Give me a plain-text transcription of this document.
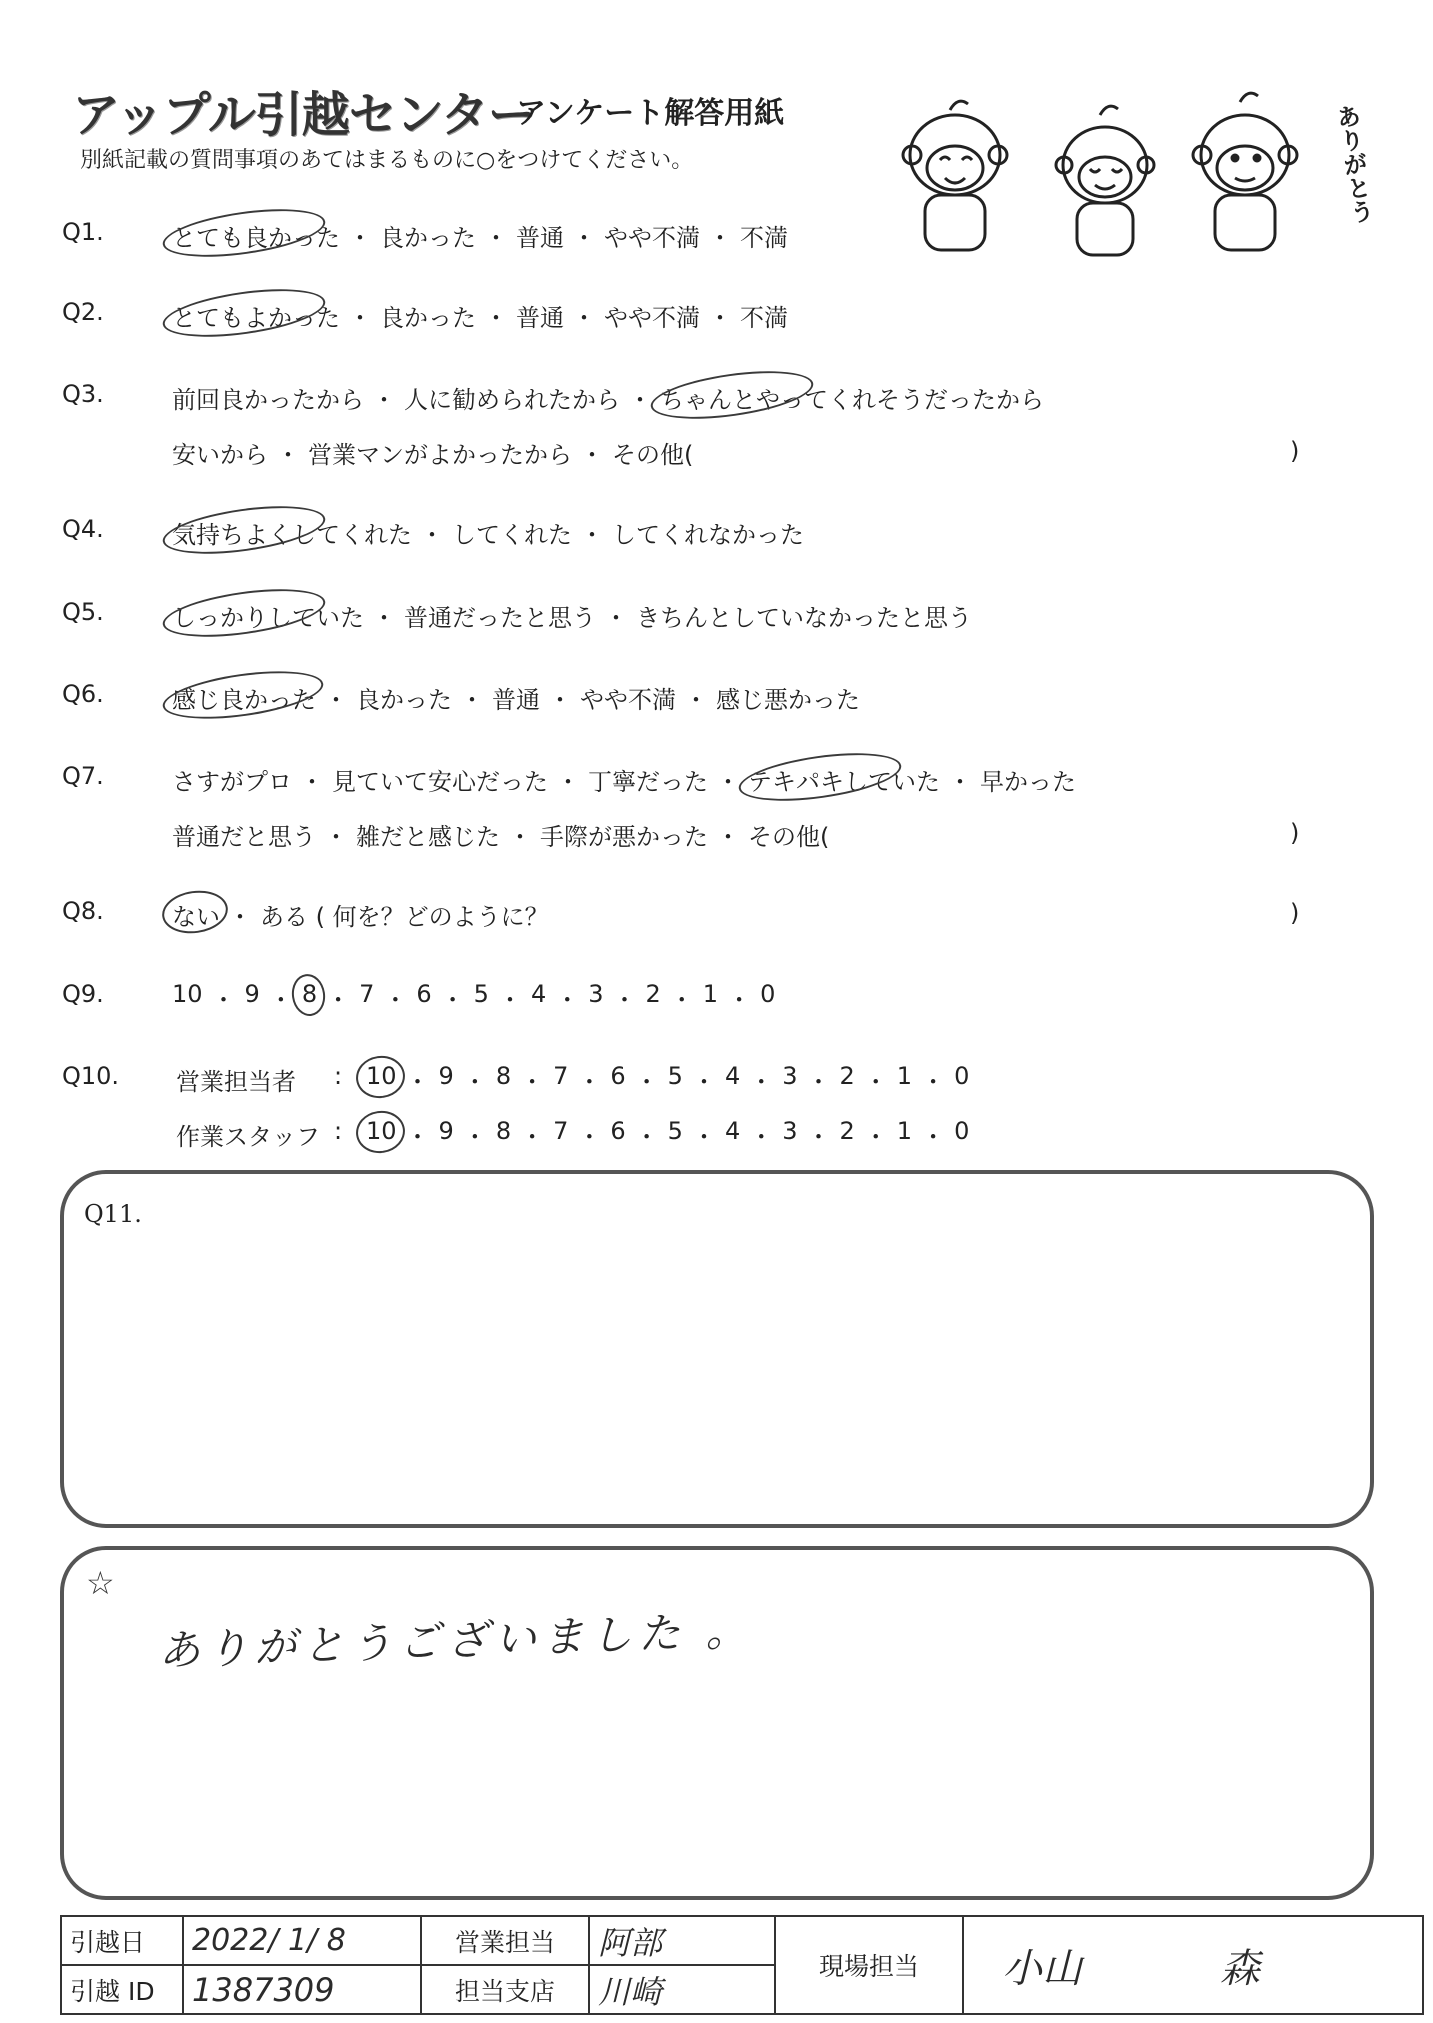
アップル引越センター
アンケート解答用紙
別紙記載の質問事項のあてはまるものに○をつけてください。	ありがとう
Q11.
☆
ありがとうございました 。
引越日	2022/ 1/ 8	営業担当	阿部	現場担当	小山 森
引越 ID	1387309	担当支店	川崎		
Q1.	とても良かった ・ 良かった ・ 普通 ・ やや不満 ・ 不満
Q2.	とてもよかった ・ 良かった ・ 普通 ・ やや不満 ・ 不満
Q3.	前回良かったから ・ 人に勧められたから ・ ちゃんとやってくれそうだったから
安いから ・ 営業マンがよかったから ・ その他(	)
Q4.	気持ちよくしてくれた ・ してくれた ・ してくれなかった
Q5.	しっかりしていた ・ 普通だったと思う ・ きちんとしていなかったと思う
Q6.	感じ良かった ・ 良かった ・ 普通 ・ やや不満 ・ 感じ悪かった
Q7.	さすがプロ ・ 見ていて安心だった ・ 丁寧だった ・ テキパキしていた ・ 早かった
普通だと思う ・ 雑だと感じた ・ 手際が悪かった ・ その他(	)
Q8.	ない ・ ある ( 何を？どのように？	)
Q9.	10 ・ 9 ・ 8 ・ 7 ・ 6 ・ 5 ・ 4 ・ 3 ・ 2 ・ 1 ・ 0
Q10. 営業担当者 : 10 ・ 9 ・ 8 ・ 7 ・ 6 ・ 5 ・ 4 ・ 3 ・ 2 ・ 1 ・ 0
作業スタッフ : 10 ・ 9 ・ 8 ・ 7 ・ 6 ・ 5 ・ 4 ・ 3 ・ 2 ・ 1 ・ 0
